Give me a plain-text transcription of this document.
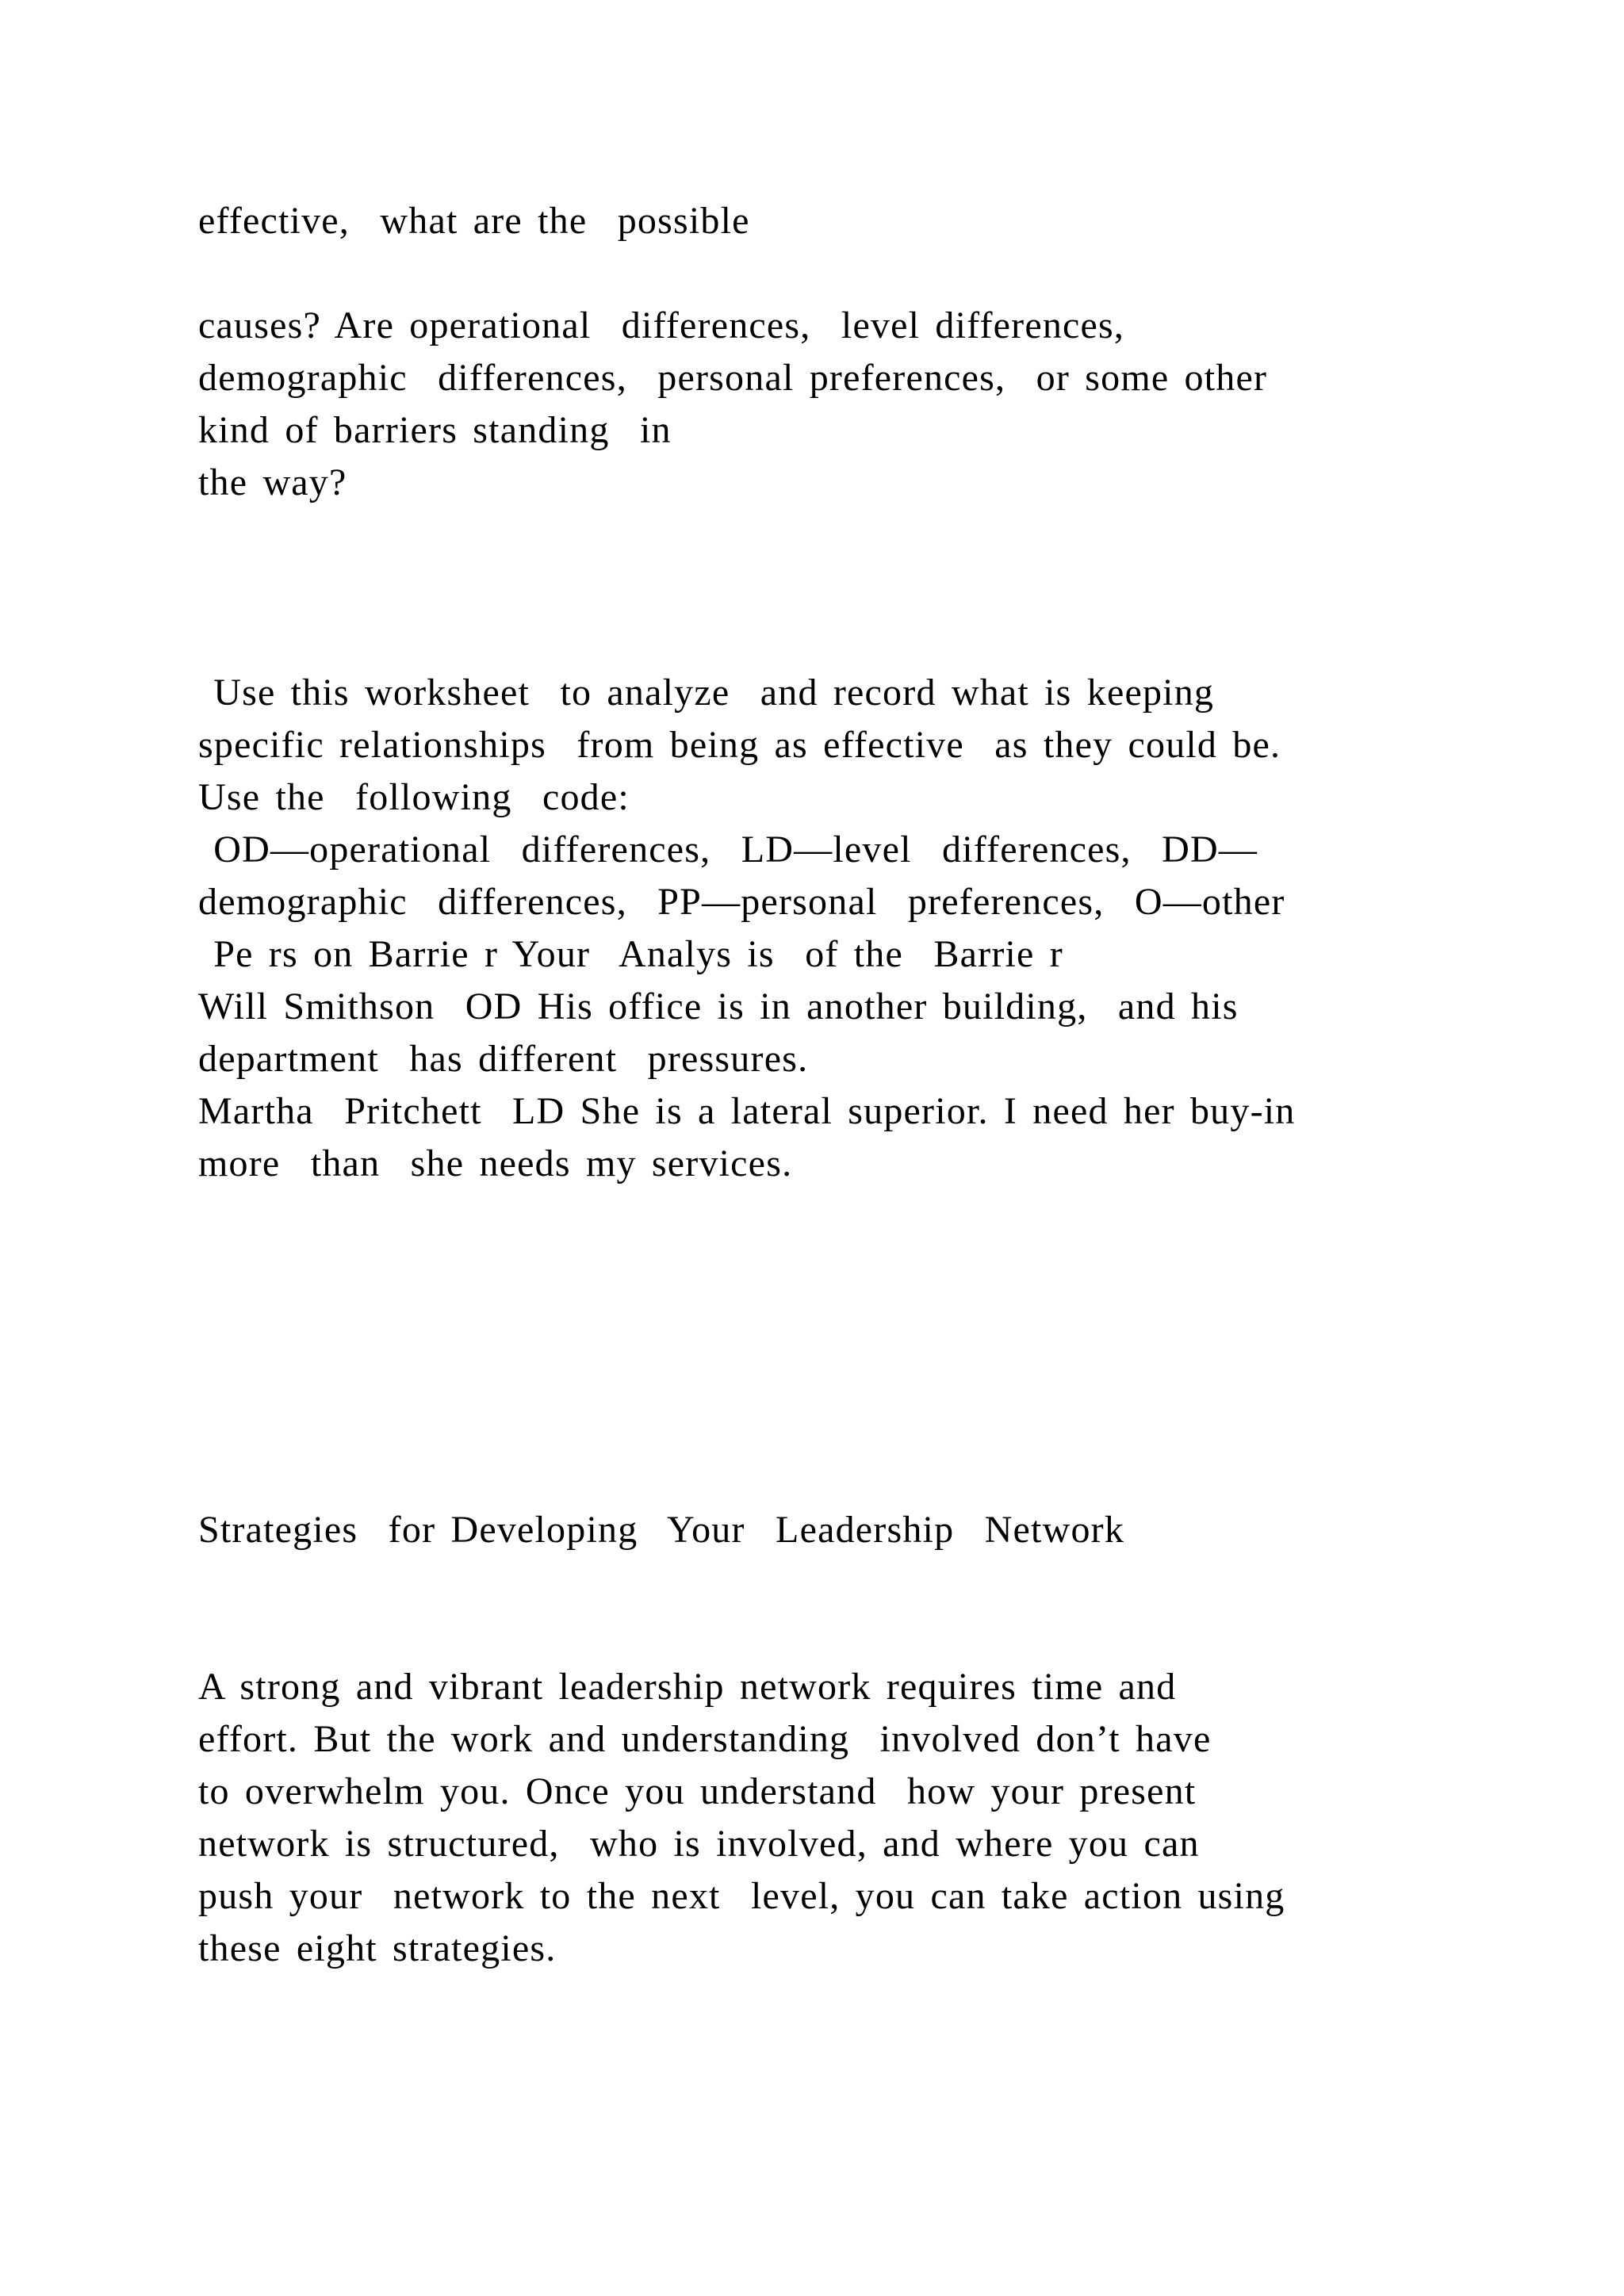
effective,  what are the  possible
causes? Are operational  differences,  level differences,
demographic  differences,  personal preferences,  or some other
kind of barriers standing  in
the way?
Use this worksheet  to analyze  and record what is keeping
specific relationships  from being as effective  as they could be.
Use the  following  code:
OD—operational  differences,  LD—level  differences,  DD—
demographic  differences,  PP—personal  preferences,  O—other
Pe rs on Barrie r Your  Analys is  of the  Barrie r
Will Smithson  OD His office is in another building,  and his
department  has different  pressures.
Martha  Pritchett  LD She is a lateral superior. I need her buy-in
more  than  she needs my services.
Strategies  for Developing  Your  Leadership  Network
A strong and vibrant leadership network requires time and
effort. But the work and understanding  involved don’t have
to overwhelm you. Once you understand  how your present
network is structured,  who is involved, and where you can
push your  network to the next  level, you can take action using
these eight strategies.
